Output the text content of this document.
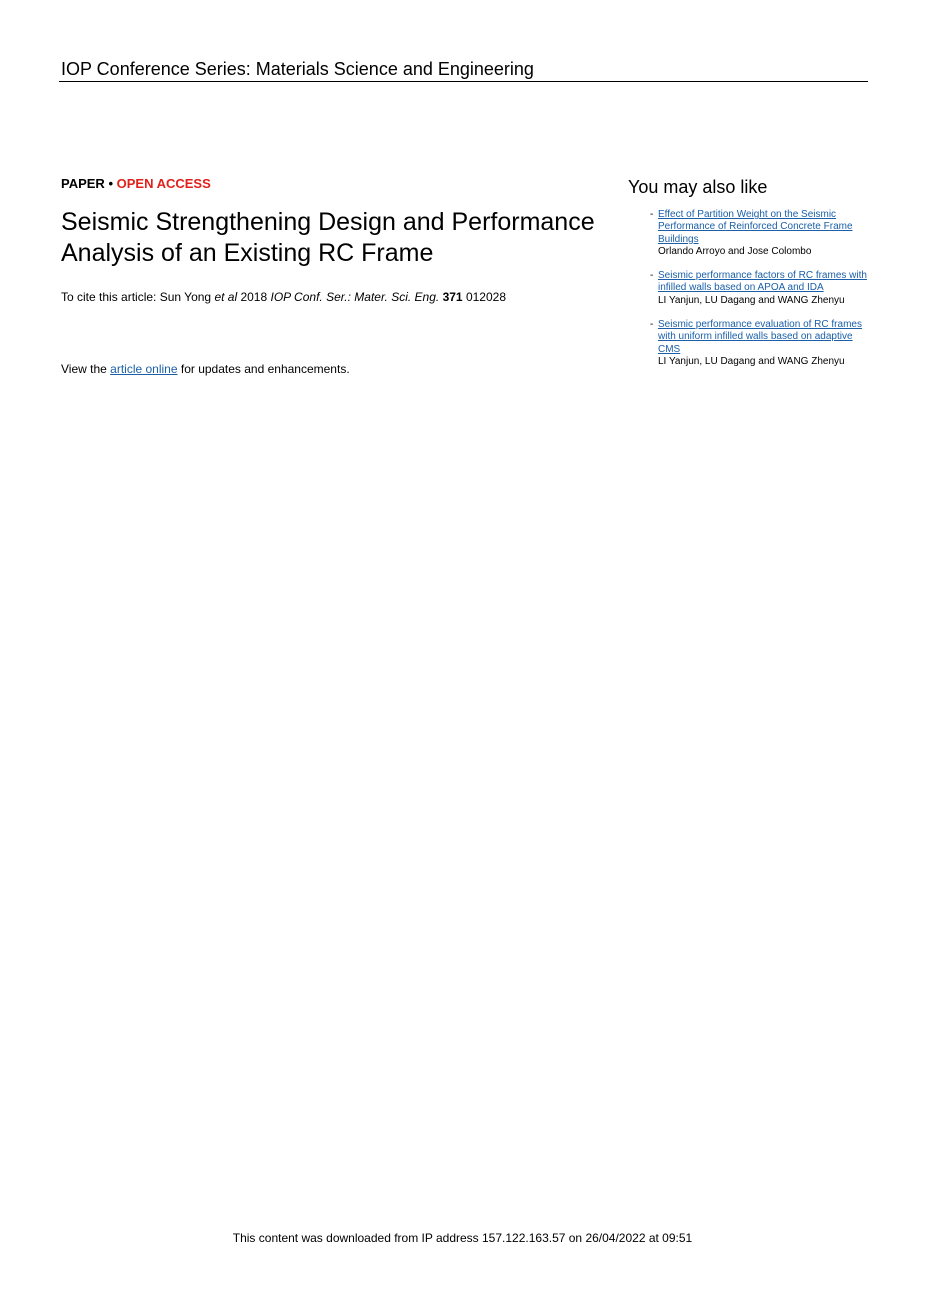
IOP Conference Series: Materials Science and Engineering
PAPER • OPEN ACCESS
Seismic Strengthening Design and Performance Analysis of an Existing RC Frame
To cite this article: Sun Yong et al 2018 IOP Conf. Ser.: Mater. Sci. Eng. 371 012028
View the article online for updates and enhancements.
You may also like
- Effect of Partition Weight on the Seismic Performance of Reinforced Concrete Frame Buildings
Orlando Arroyo and Jose Colombo
- Seismic performance factors of RC frames with infilled walls based on APOA and IDA
LI Yanjun, LU Dagang and WANG Zhenyu
- Seismic performance evaluation of RC frames with uniform infilled walls based on adaptive CMS
LI Yanjun, LU Dagang and WANG Zhenyu
This content was downloaded from IP address 157.122.163.57 on 26/04/2022 at 09:51
